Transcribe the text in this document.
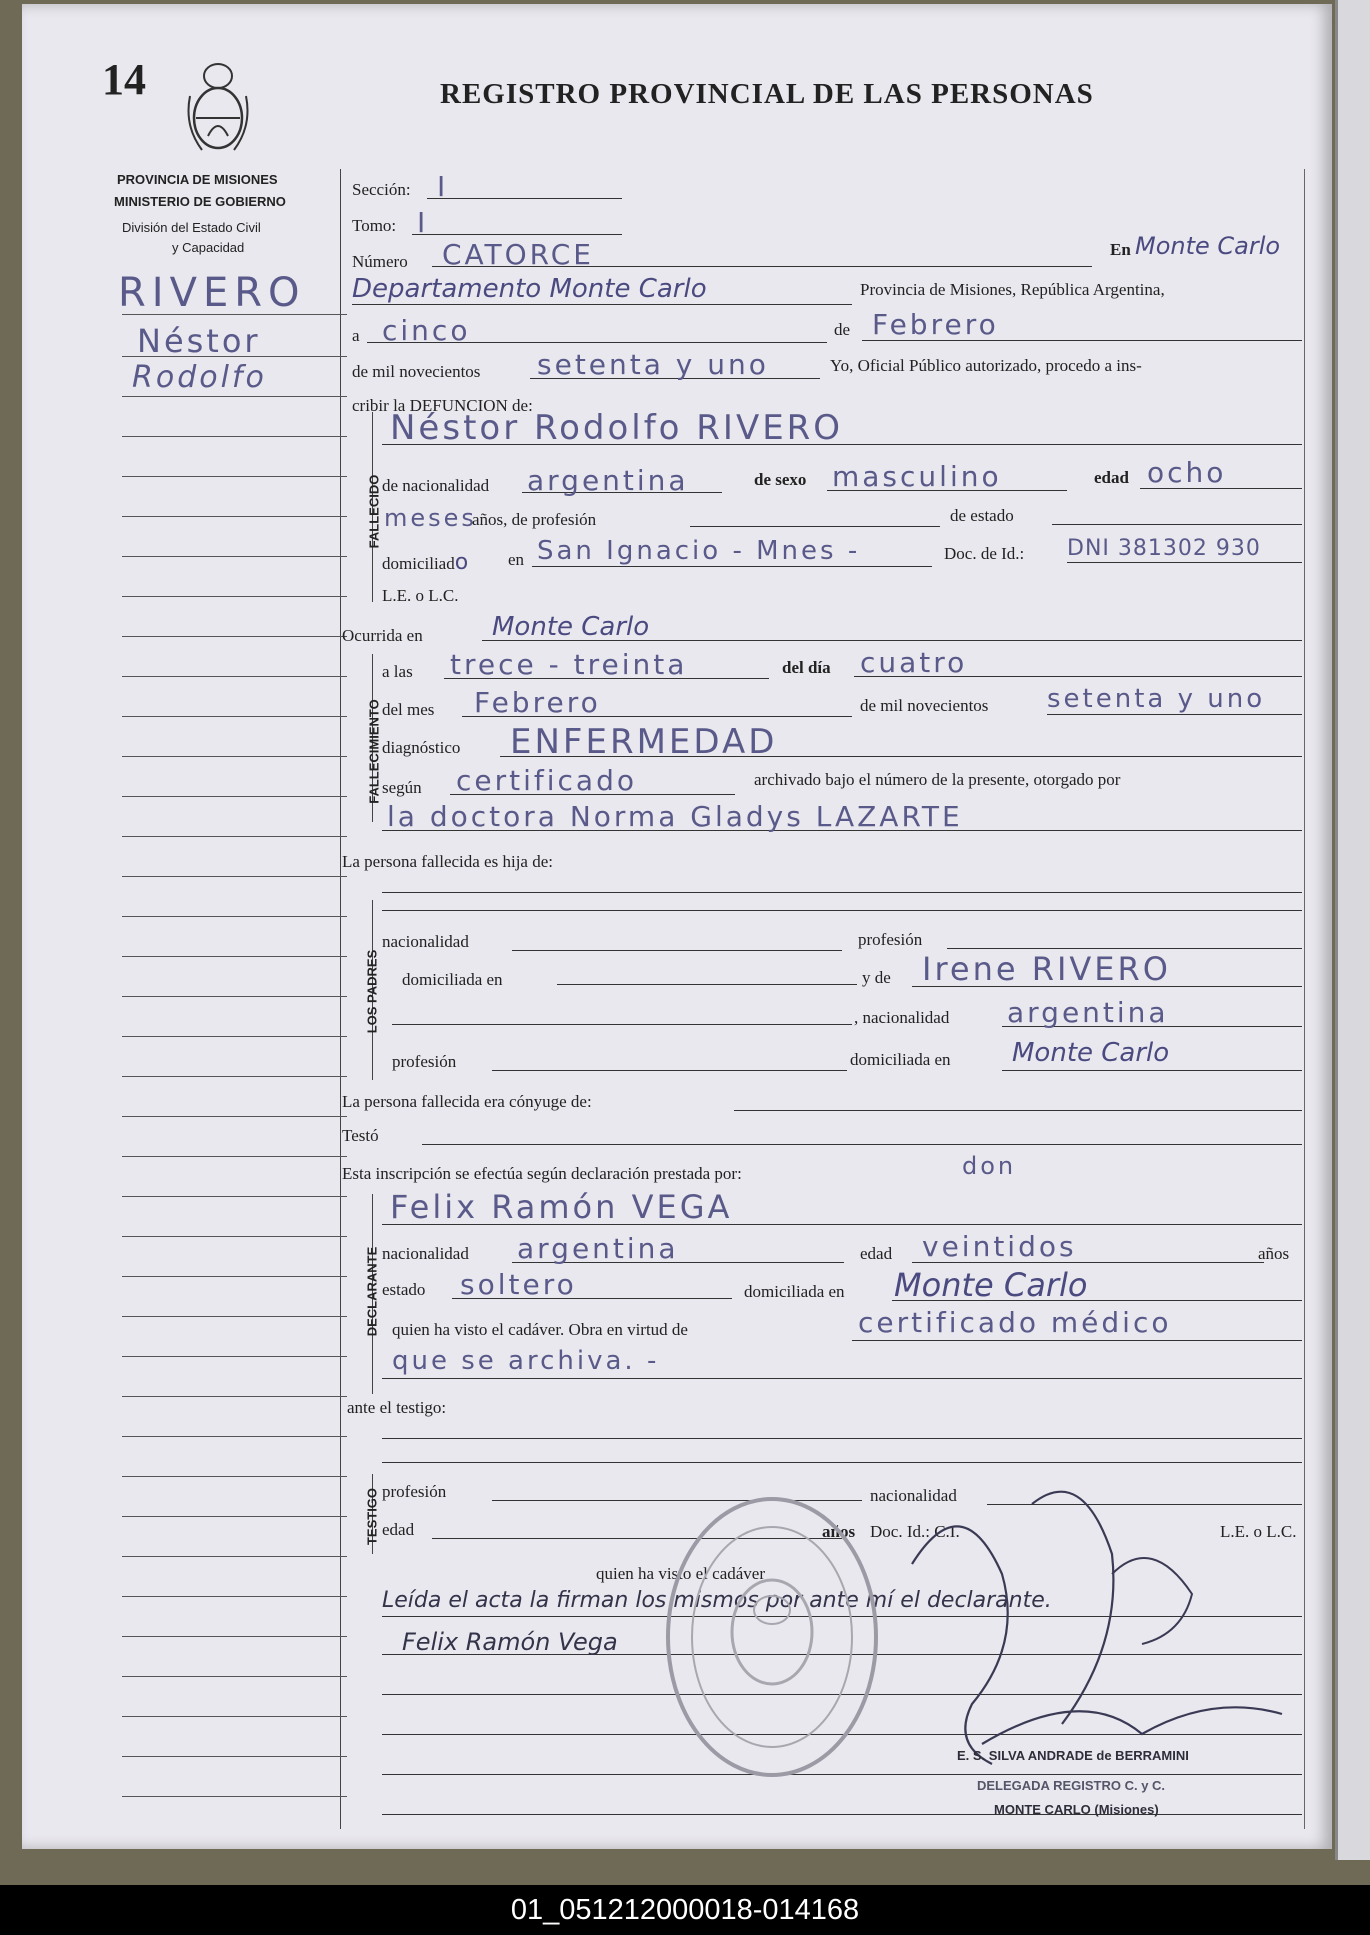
14	REGISTRO PROVINCIAL DE LAS PERSONAS
PROVINCIA DE MISIONES
MINISTERIO DE GOBIERNO
División del Estado Civil
y Capacidad
RIVERO
Néstor
Rodolfo
Sección: I
Tomo: I
Número CATORCE	En Monte Carlo
Departamento Monte Carlo	Provincia de Misiones, República Argentina,
a cinco	de Febrero
de mil novecientos setenta y uno	Yo, Oficial Público autorizado, procedo a ins-
cribir la DEFUNCION de:
FALLECIDO
Néstor Rodolfo RIVERO
de nacionalidad argentina	de sexo masculino	edad ocho
meses
años, de profesión	de estado
domiciliado en San Ignacio - Mnes -	Doc. de Id.: DNI 381302 930
L.E. o L.C.
Ocurrida en	Monte Carlo
FALLECIMIENTO
a las trece - treinta	del día cuatro
del mes Febrero	de mil novecientos setenta y uno
diagnóstico ENFERMEDAD
según certificado	archivado bajo el número de la presente, otorgado por
la doctora Norma Gladys LAZARTE
La persona fallecida es hija de:
LOS PADRES
nacionalidad	profesión
domiciliada en	y de Irene RIVERO
, nacionalidad argentina
profesión	domiciliada en Monte Carlo
La persona fallecida era cónyuge de:
Testó
Esta inscripción se efectúa según declaración prestada por:	don
DECLARANTE
Felix Ramón VEGA
nacionalidad argentina	edad veintidos	años
estado soltero	domiciliada en Monte Carlo
quien ha visto el cadáver. Obra en virtud de	certificado médico
que se archiva. -
ante el testigo:
TESTIGO profesión	nacionalidad
edad	años Doc. Id.: C.I.	L.E. o L.C.
quien ha visto el cadáver
Leída el acta la firman los mismos por ante mí el declarante.
Felix Ramón Vega
E. S. SILVA ANDRADE de BERRAMINI
DELEGADA REGISTRO C. y C.
MONTE CARLO (Misiones)
01_051212000018-014168
